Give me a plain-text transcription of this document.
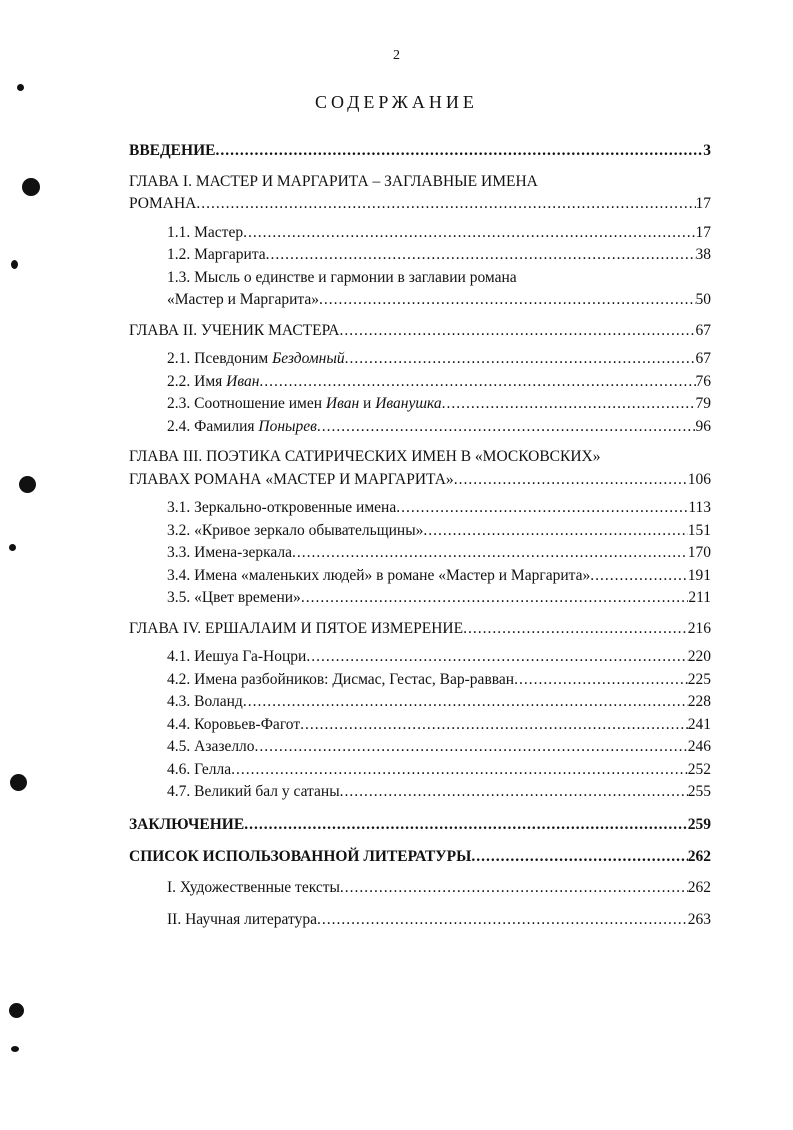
2
СОДЕРЖАНИЕ
ВВЕДЕНИЕ .....	3
ГЛАВА I. МАСТЕР И МАРГАРИТА – ЗАГЛАВНЫЕ ИМЕНА
РОМАНА .....	17
1.1. Мастер .....	17
1.2. Маргарита .....	38
1.3. Мысль о единстве и гармонии в заглавии романа
«Мастер и Маргарита» .....	50
ГЛАВА II. УЧЕНИК МАСТЕРА .....	67
2.1. Псевдоним Бездомный .....	67
2.2. Имя Иван .....	76
2.3. Соотношение имен Иван и Иванушка .....	79
2.4. Фамилия Понырев .....	96
ГЛАВА III. ПОЭТИКА САТИРИЧЕСКИХ ИМЕН В «МОСКОВСКИХ»
ГЛАВАХ РОМАНА «МАСТЕР И МАРГАРИТА» .....	106
3.1. Зеркально-откровенные имена .....	113
3.2. «Кривое зеркало обывательщины» .....	151
3.3. Имена-зеркала .....	170
3.4. Имена «маленьких людей» в романе «Мастер и Маргарита» .....	191
3.5. «Цвет времени» .....	211
ГЛАВА IV. ЕРШАЛАИМ И ПЯТОЕ ИЗМЕРЕНИЕ .....	216
4.1. Иешуа Га-Ноцри .....	220
4.2. Имена разбойников: Дисмас, Гестас, Вар-равван .....	225
4.3. Воланд .....	228
4.4. Коровьев-Фагот .....	241
4.5. Азазелло .....	246
4.6. Гелла .....	252
4.7. Великий бал у сатаны .....	255
ЗАКЛЮЧЕНИЕ .....	259
СПИСОК ИСПОЛЬЗОВАННОЙ ЛИТЕРАТУРЫ .....	262
I. Художественные тексты .....	262
II. Научная литература .....	263
